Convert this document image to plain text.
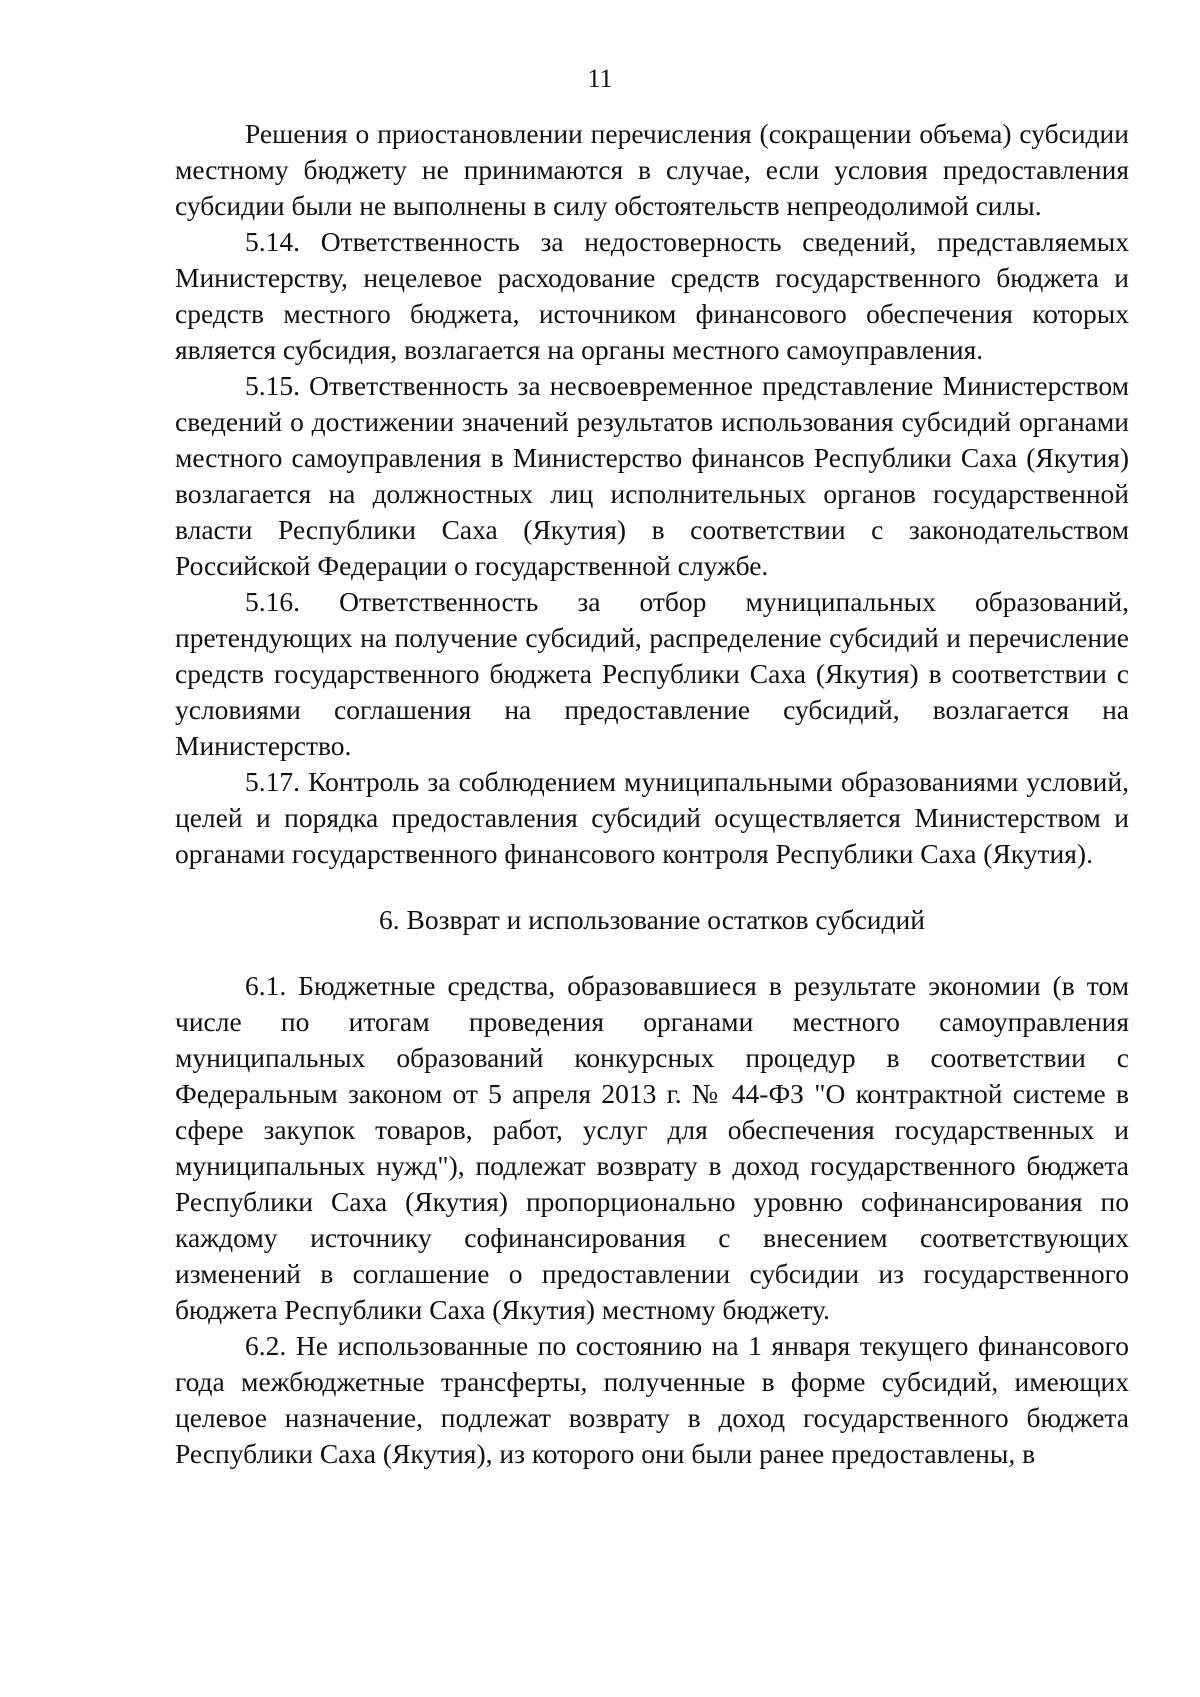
11

Решения о приостановлении перечисления (сокращении объема) субсидии местному бюджету не принимаются в случае, если условия предоставления субсидии были не выполнены в силу обстоятельств непреодолимой силы.

5.14. Ответственность за недостоверность сведений, представляемых Министерству, нецелевое расходование средств государственного бюджета и средств местного бюджета, источником финансового обеспечения которых является субсидия, возлагается на органы местного самоуправления.

5.15. Ответственность за несвоевременное представление Министерством сведений о достижении значений результатов использования субсидий органами местного самоуправления в Министерство финансов Республики Саха (Якутия) возлагается на должностных лиц исполнительных органов государственной власти Республики Саха (Якутия) в соответствии с законодательством Российской Федерации о государственной службе.

5.16. Ответственность за отбор муниципальных образований, претендующих на получение субсидий, распределение субсидий и перечисление средств государственного бюджета Республики Саха (Якутия) в соответствии с условиями соглашения на предоставление субсидий, возлагается на Министерство.

5.17. Контроль за соблюдением муниципальными образованиями условий, целей и порядка предоставления субсидий осуществляется Министерством и органами государственного финансового контроля Республики Саха (Якутия).

6. Возврат и использование остатков субсидий

6.1. Бюджетные средства, образовавшиеся в результате экономии (в том числе по итогам проведения органами местного самоуправления муниципальных образований конкурсных процедур в соответствии с Федеральным законом от 5 апреля 2013 г. № 44-ФЗ "О контрактной системе в сфере закупок товаров, работ, услуг для обеспечения государственных и муниципальных нужд"), подлежат возврату в доход государственного бюджета Республики Саха (Якутия) пропорционально уровню софинансирования по каждому источнику софинансирования с внесением соответствующих изменений в соглашение о предоставлении субсидии из государственного бюджета Республики Саха (Якутия) местному бюджету.

6.2. Не использованные по состоянию на 1 января текущего финансового года межбюджетные трансферты, полученные в форме субсидий, имеющих целевое назначение, подлежат возврату в доход государственного бюджета Республики Саха (Якутия), из которого они были ранее предоставлены, в
